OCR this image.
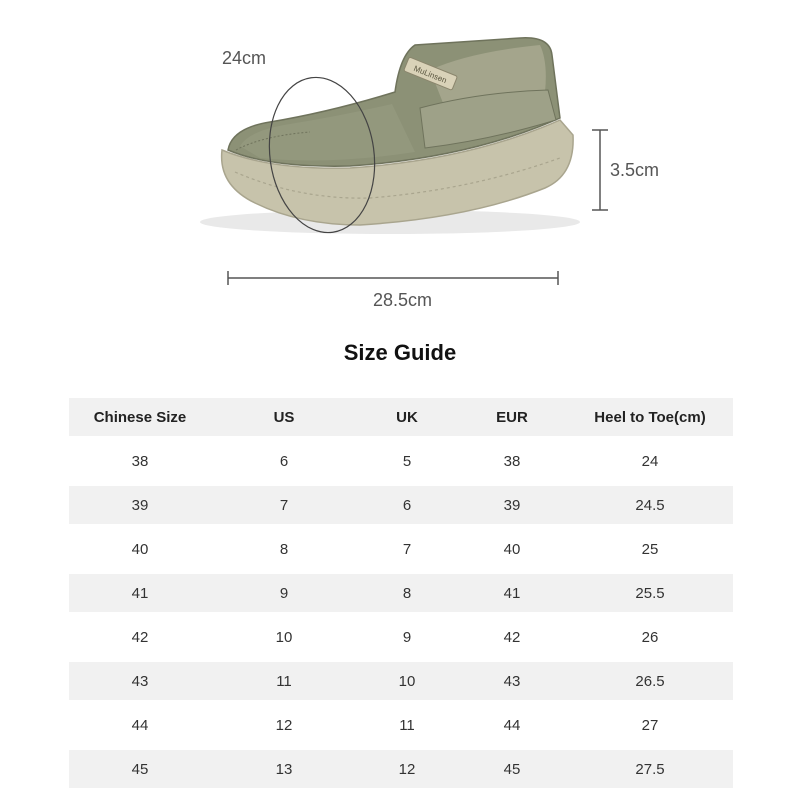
MuLinsen
24cm
3.5cm
28.5cm
Size Guide
Chinese Size	US	UK	EUR	Heel to Toe(cm)
38	6	5	38	24
39	7	6	39	24.5
40	8	7	40	25
41	9	8	41	25.5
42	10	9	42	26
43	11	10	43	26.5
44	12	11	44	27
45	13	12	45	27.5
